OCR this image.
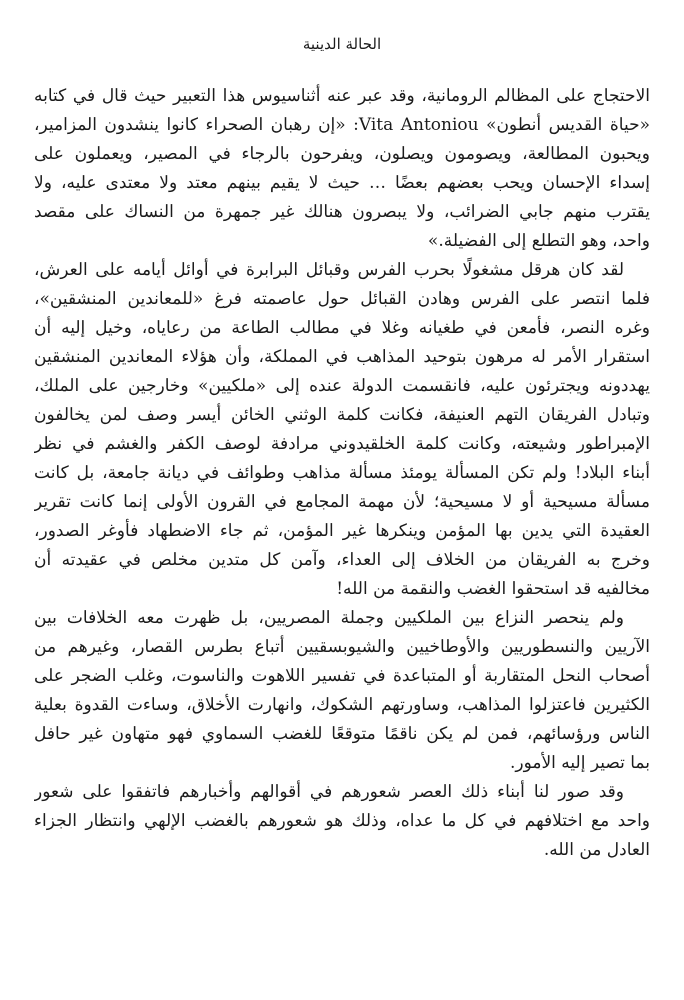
الحالة الدينية
الاحتجاج على المظالم الرومانية، وقد عبر عنه أثناسيوس هذا التعبير حيث قال في كتابه
«حياة القديس أنطون» Vita Antoniou: «إن رهبان الصحراء كانوا ينشدون المزامير،
ويحبون المطالعة، ويصومون ويصلون، ويفرحون بالرجاء في المصير، ويعملون على
إسداء الإحسان ويحب بعضهم بعضًا … حيث لا يقيم بينهم معتد ولا معتدى عليه، ولا
يقترب منهم جابي الضرائب، ولا يبصرون هنالك غير جمهرة من النساك على مقصد
واحد، وهو التطلع إلى الفضيلة.»
لقد كان هرقل مشغولًا بحرب الفرس وقبائل البرابرة في أوائل أيامه على العرش،
فلما انتصر على الفرس وهادن القبائل حول عاصمته فرغ «للمعاندين المنشقين»،
وغره النصر، فأمعن في طغيانه وغلا في مطالب الطاعة من رعاياه، وخيل إليه أن
استقرار الأمر له مرهون بتوحيد المذاهب في المملكة، وأن هؤلاء المعاندين المنشقين
يهددونه ويجترئون عليه، فانقسمت الدولة عنده إلى «ملكيين» وخارجين على الملك،
وتبادل الفريقان التهم العنيفة، فكانت كلمة الوثني الخائن أيسر وصف لمن يخالفون
الإمبراطور وشيعته، وكانت كلمة الخلقيدوني مرادفة لوصف الكفر والغشم في نظر
أبناء البلاد! ولم تكن المسألة يومئذ مسألة مذاهب وطوائف في ديانة جامعة، بل كانت
مسألة مسيحية أو لا مسيحية؛ لأن مهمة المجامع في القرون الأولى إنما كانت تقرير
العقيدة التي يدين بها المؤمن وينكرها غير المؤمن، ثم جاء الاضطهاد فأوغر الصدور،
وخرج به الفريقان من الخلاف إلى العداء، وآمن كل متدين مخلص في عقيدته أن
مخالفيه قد استحقوا الغضب والنقمة من الله!
ولم ينحصر النزاع بين الملكيين وجملة المصريين، بل ظهرت معه الخلافات بين
الآريين والنسطوريين والأوطاخيين والشيوبسقيين أتباع بطرس القصار، وغيرهم من
أصحاب النحل المتقاربة أو المتباعدة في تفسير اللاهوت والناسوت، وغلب الضجر على
الكثيرين فاعتزلوا المذاهب، وساورتهم الشكوك، وانهارت الأخلاق، وساءت القدوة بعلية
الناس ورؤسائهم، فمن لم يكن ناقمًا متوقعًا للغضب السماوي فهو متهاون غير حافل
بما تصير إليه الأمور.
وقد صور لنا أبناء ذلك العصر شعورهم في أقوالهم وأخبارهم فاتفقوا على شعور
واحد مع اختلافهم في كل ما عداه، وذلك هو شعورهم بالغضب الإلهي وانتظار الجزاء
العادل من الله.
